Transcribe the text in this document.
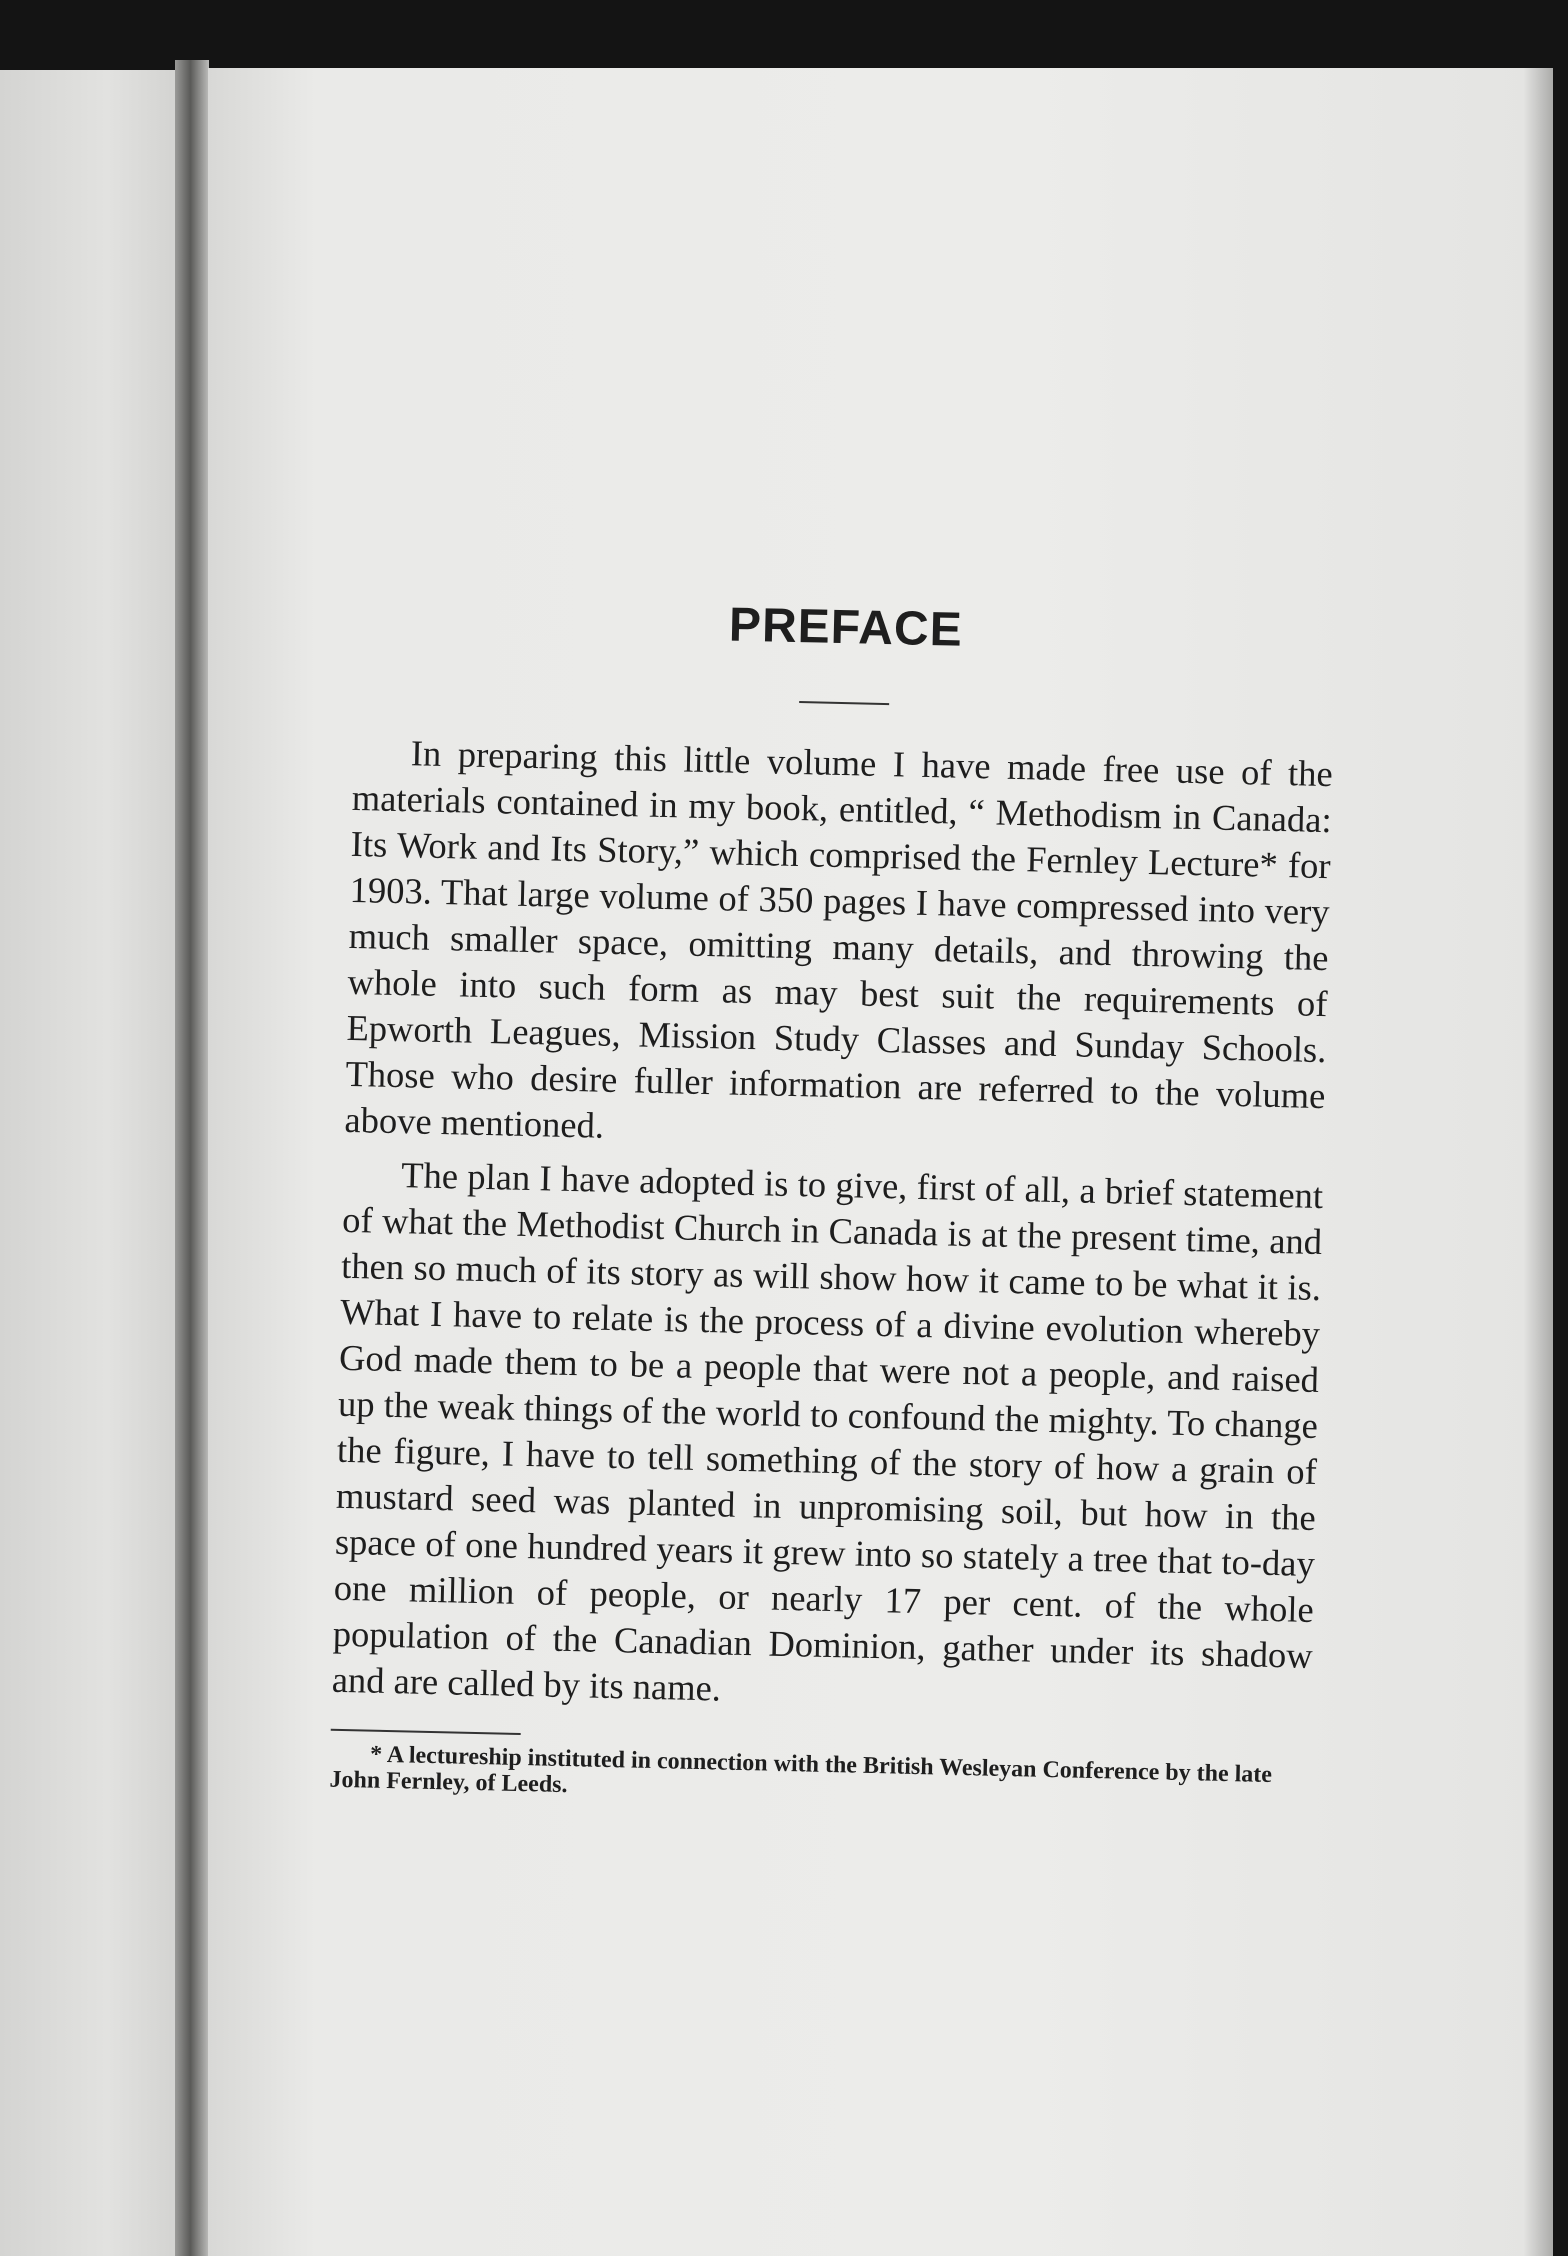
PREFACE

In preparing this little volume I have made free use of the materials contained in my book, entitled, “ Methodism in Canada: Its Work and Its Story,” which comprised the Fernley Lecture* for 1903. That large volume of 350 pages I have compressed into very much smaller space, omitting many details, and throwing the whole into such form as may best suit the requirements of Epworth Leagues, Mission Study Classes and Sunday Schools. Those who desire fuller information are referred to the volume above mentioned.

The plan I have adopted is to give, first of all, a brief statement of what the Methodist Church in Canada is at the present time, and then so much of its story as will show how it came to be what it is. What I have to relate is the process of a divine evolution whereby God made them to be a people that were not a people, and raised up the weak things of the world to confound the mighty. To change the figure, I have to tell something of the story of how a grain of mustard seed was planted in unpromising soil, but how in the space of one hundred years it grew into so stately a tree that to-day one million of people, or nearly 17 per cent. of the whole population of the Canadian Dominion, gather under its shadow and are called by its name.

* A lectureship instituted in connection with the British Wesleyan Conference by the late John Fernley, of Leeds.
